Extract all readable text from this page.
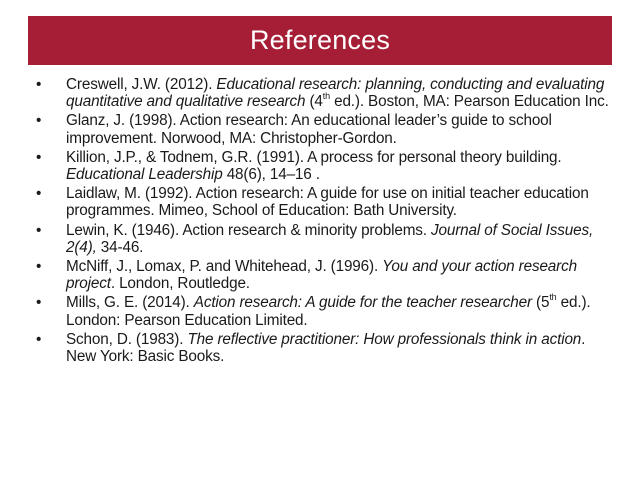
References
• Creswell, J.W. (2012). Educational research: planning, conducting and evaluating quantitative and qualitative research (4th ed.). Boston, MA: Pearson Education Inc.
• Glanz, J. (1998). Action research: An educational leader’s guide to school improvement. Norwood, MA: Christopher-Gordon.
• Killion, J.P., & Todnem, G.R. (1991). A process for personal theory building. Educational Leadership 48(6), 14–16 .
• Laidlaw, M. (1992). Action research: A guide for use on initial teacher education programmes. Mimeo, School of Education: Bath University.
• Lewin, K. (1946). Action research & minority problems. Journal of Social Issues, 2(4), 34-46.
• McNiff, J., Lomax, P. and Whitehead, J. (1996). You and your action research project. London, Routledge.
• Mills, G. E. (2014). Action research: A guide for the teacher researcher (5th ed.). London: Pearson Education Limited.
• Schon, D. (1983). The reflective practitioner: How professionals think in action. New York: Basic Books.
